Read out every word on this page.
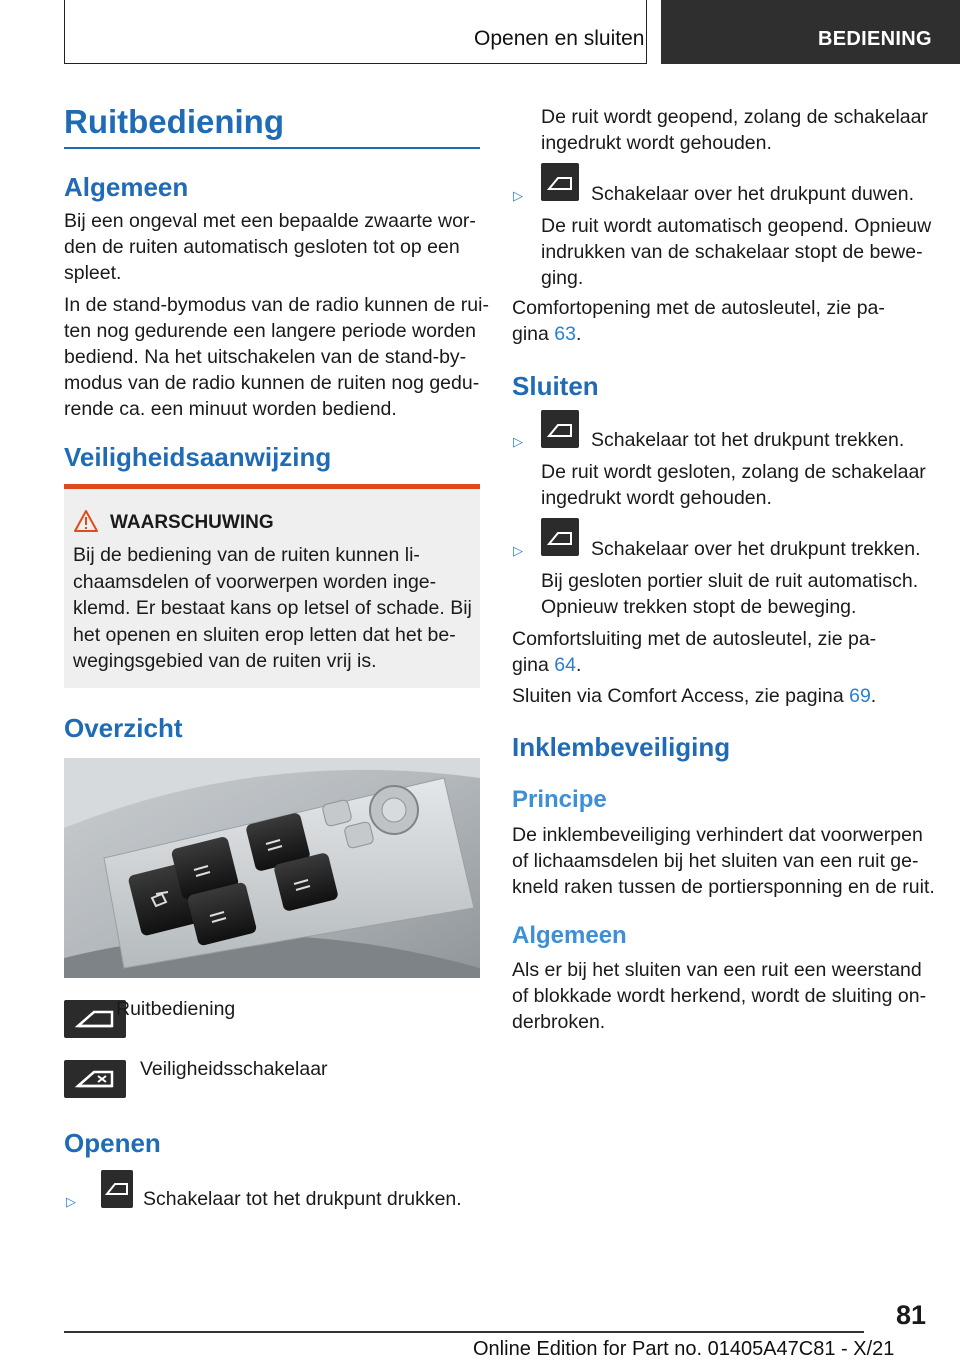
Openen en sluiten	BEDIENING
Ruitbediening
Algemeen
Bij een ongeval met een bepaalde zwaarte wor-
den de ruiten automatisch gesloten tot op een
spleet.
In de stand-bymodus van de radio kunnen de rui-
ten nog gedurende een langere periode worden
bediend. Na het uitschakelen van de stand-by-
modus van de radio kunnen de ruiten nog gedu-
rende ca. een minuut worden bediend.
Veiligheidsaanwijzing
WAARSCHUWING
Bij de bediening van de ruiten kunnen li-
chaamsdelen of voorwerpen worden inge-
klemd. Er bestaat kans op letsel of schade. Bij
het openen en sluiten erop letten dat het be-
wegingsgebied van de ruiten vrij is.
Overzicht
Ruitbediening
Veiligheidsschakelaar
Openen
▷	Schakelaar tot het drukpunt drukken.
De ruit wordt geopend, zolang de schakelaar
ingedrukt wordt gehouden.
▷	Schakelaar over het drukpunt duwen.
De ruit wordt automatisch geopend. Opnieuw
indrukken van de schakelaar stopt de bewe-
ging.
Comfortopening met de autosleutel, zie pa-
gina 63.
Sluiten
▷	Schakelaar tot het drukpunt trekken.
De ruit wordt gesloten, zolang de schakelaar
ingedrukt wordt gehouden.
▷	Schakelaar over het drukpunt trekken.
Bij gesloten portier sluit de ruit automatisch.
Opnieuw trekken stopt de beweging.
Comfortsluiting met de autosleutel, zie pa-
gina 64.
Sluiten via Comfort Access, zie pagina 69.
Inklembeveiliging
Principe
De inklembeveiliging verhindert dat voorwerpen
of lichaamsdelen bij het sluiten van een ruit ge-
kneld raken tussen de portiersponning en de ruit.
Algemeen
Als er bij het sluiten van een ruit een weerstand
of blokkade wordt herkend, wordt de sluiting on-
derbroken.
81
Online Edition for Part no. 01405A47C81 - X/21
